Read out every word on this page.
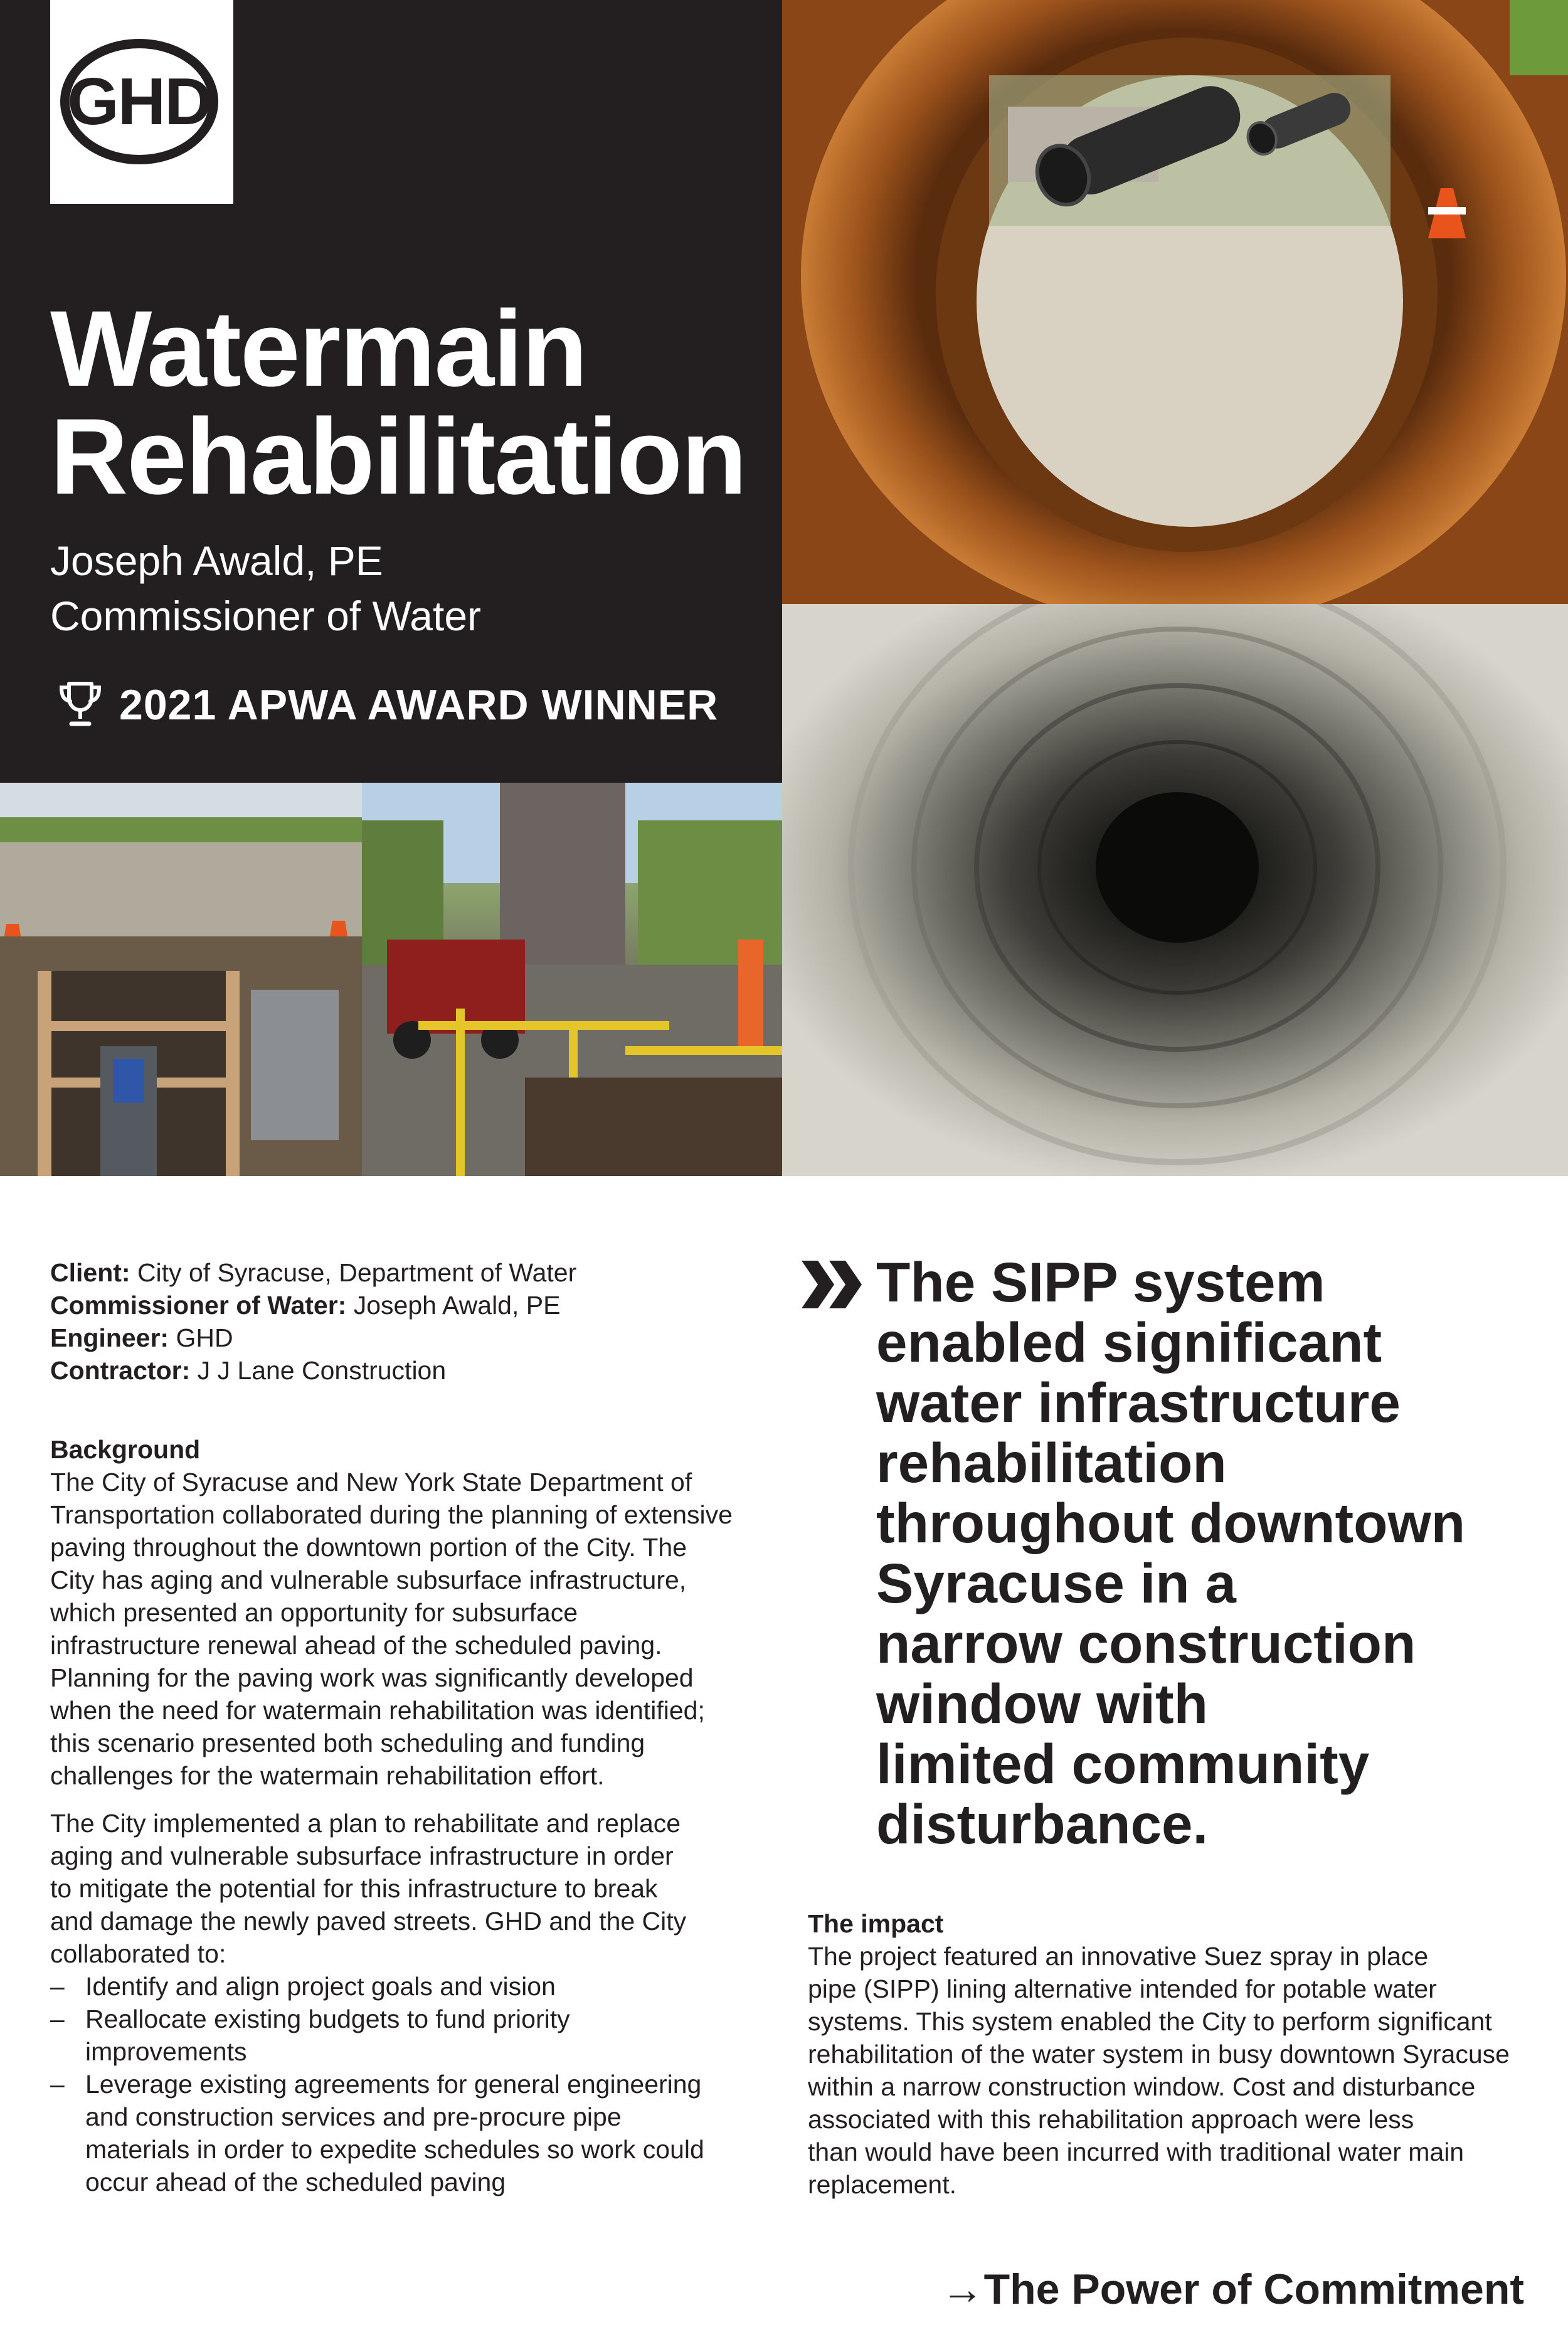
GHD
Watermain
Rehabilitation
Joseph Awald, PE
Commissioner of Water
2021 APWA AWARD WINNER
Client: City of Syracuse, Department of Water
Commissioner of Water: Joseph Awald, PE
Engineer: GHD
Contractor: J J Lane Construction
Background

The City of Syracuse and New York State Department of
Transportation collaborated during the planning of extensive
paving throughout the downtown portion of the City. The
City has aging and vulnerable subsurface infrastructure,
which presented an opportunity for subsurface
infrastructure renewal ahead of the scheduled paving.
Planning for the paving work was significantly developed
when the need for watermain rehabilitation was identified;
this scenario presented both scheduling and funding
challenges for the watermain rehabilitation effort.

The City implemented a plan to rehabilitate and replace
aging and vulnerable subsurface infrastructure in order
to mitigate the potential for this infrastructure to break
and damage the newly paved streets. GHD and the City
collaborated to:

– Identify and align project goals and vision
– Reallocate existing budgets to fund priority
improvements
– Leverage existing agreements for general engineering
and construction services and pre-procure pipe
materials in order to expedite schedules so work could
occur ahead of the scheduled paving
The SIPP system
enabled significant
water infrastructure
rehabilitation
throughout downtown
Syracuse in a
narrow construction
window with
limited community
disturbance.
The impact

The project featured an innovative Suez spray in place
pipe (SIPP) lining alternative intended for potable water
systems. This system enabled the City to perform significant
rehabilitation of the water system in busy downtown Syracuse
within a narrow construction window. Cost and disturbance
associated with this rehabilitation approach were less
than would have been incurred with traditional water main
replacement.

→The Power of Commitment
